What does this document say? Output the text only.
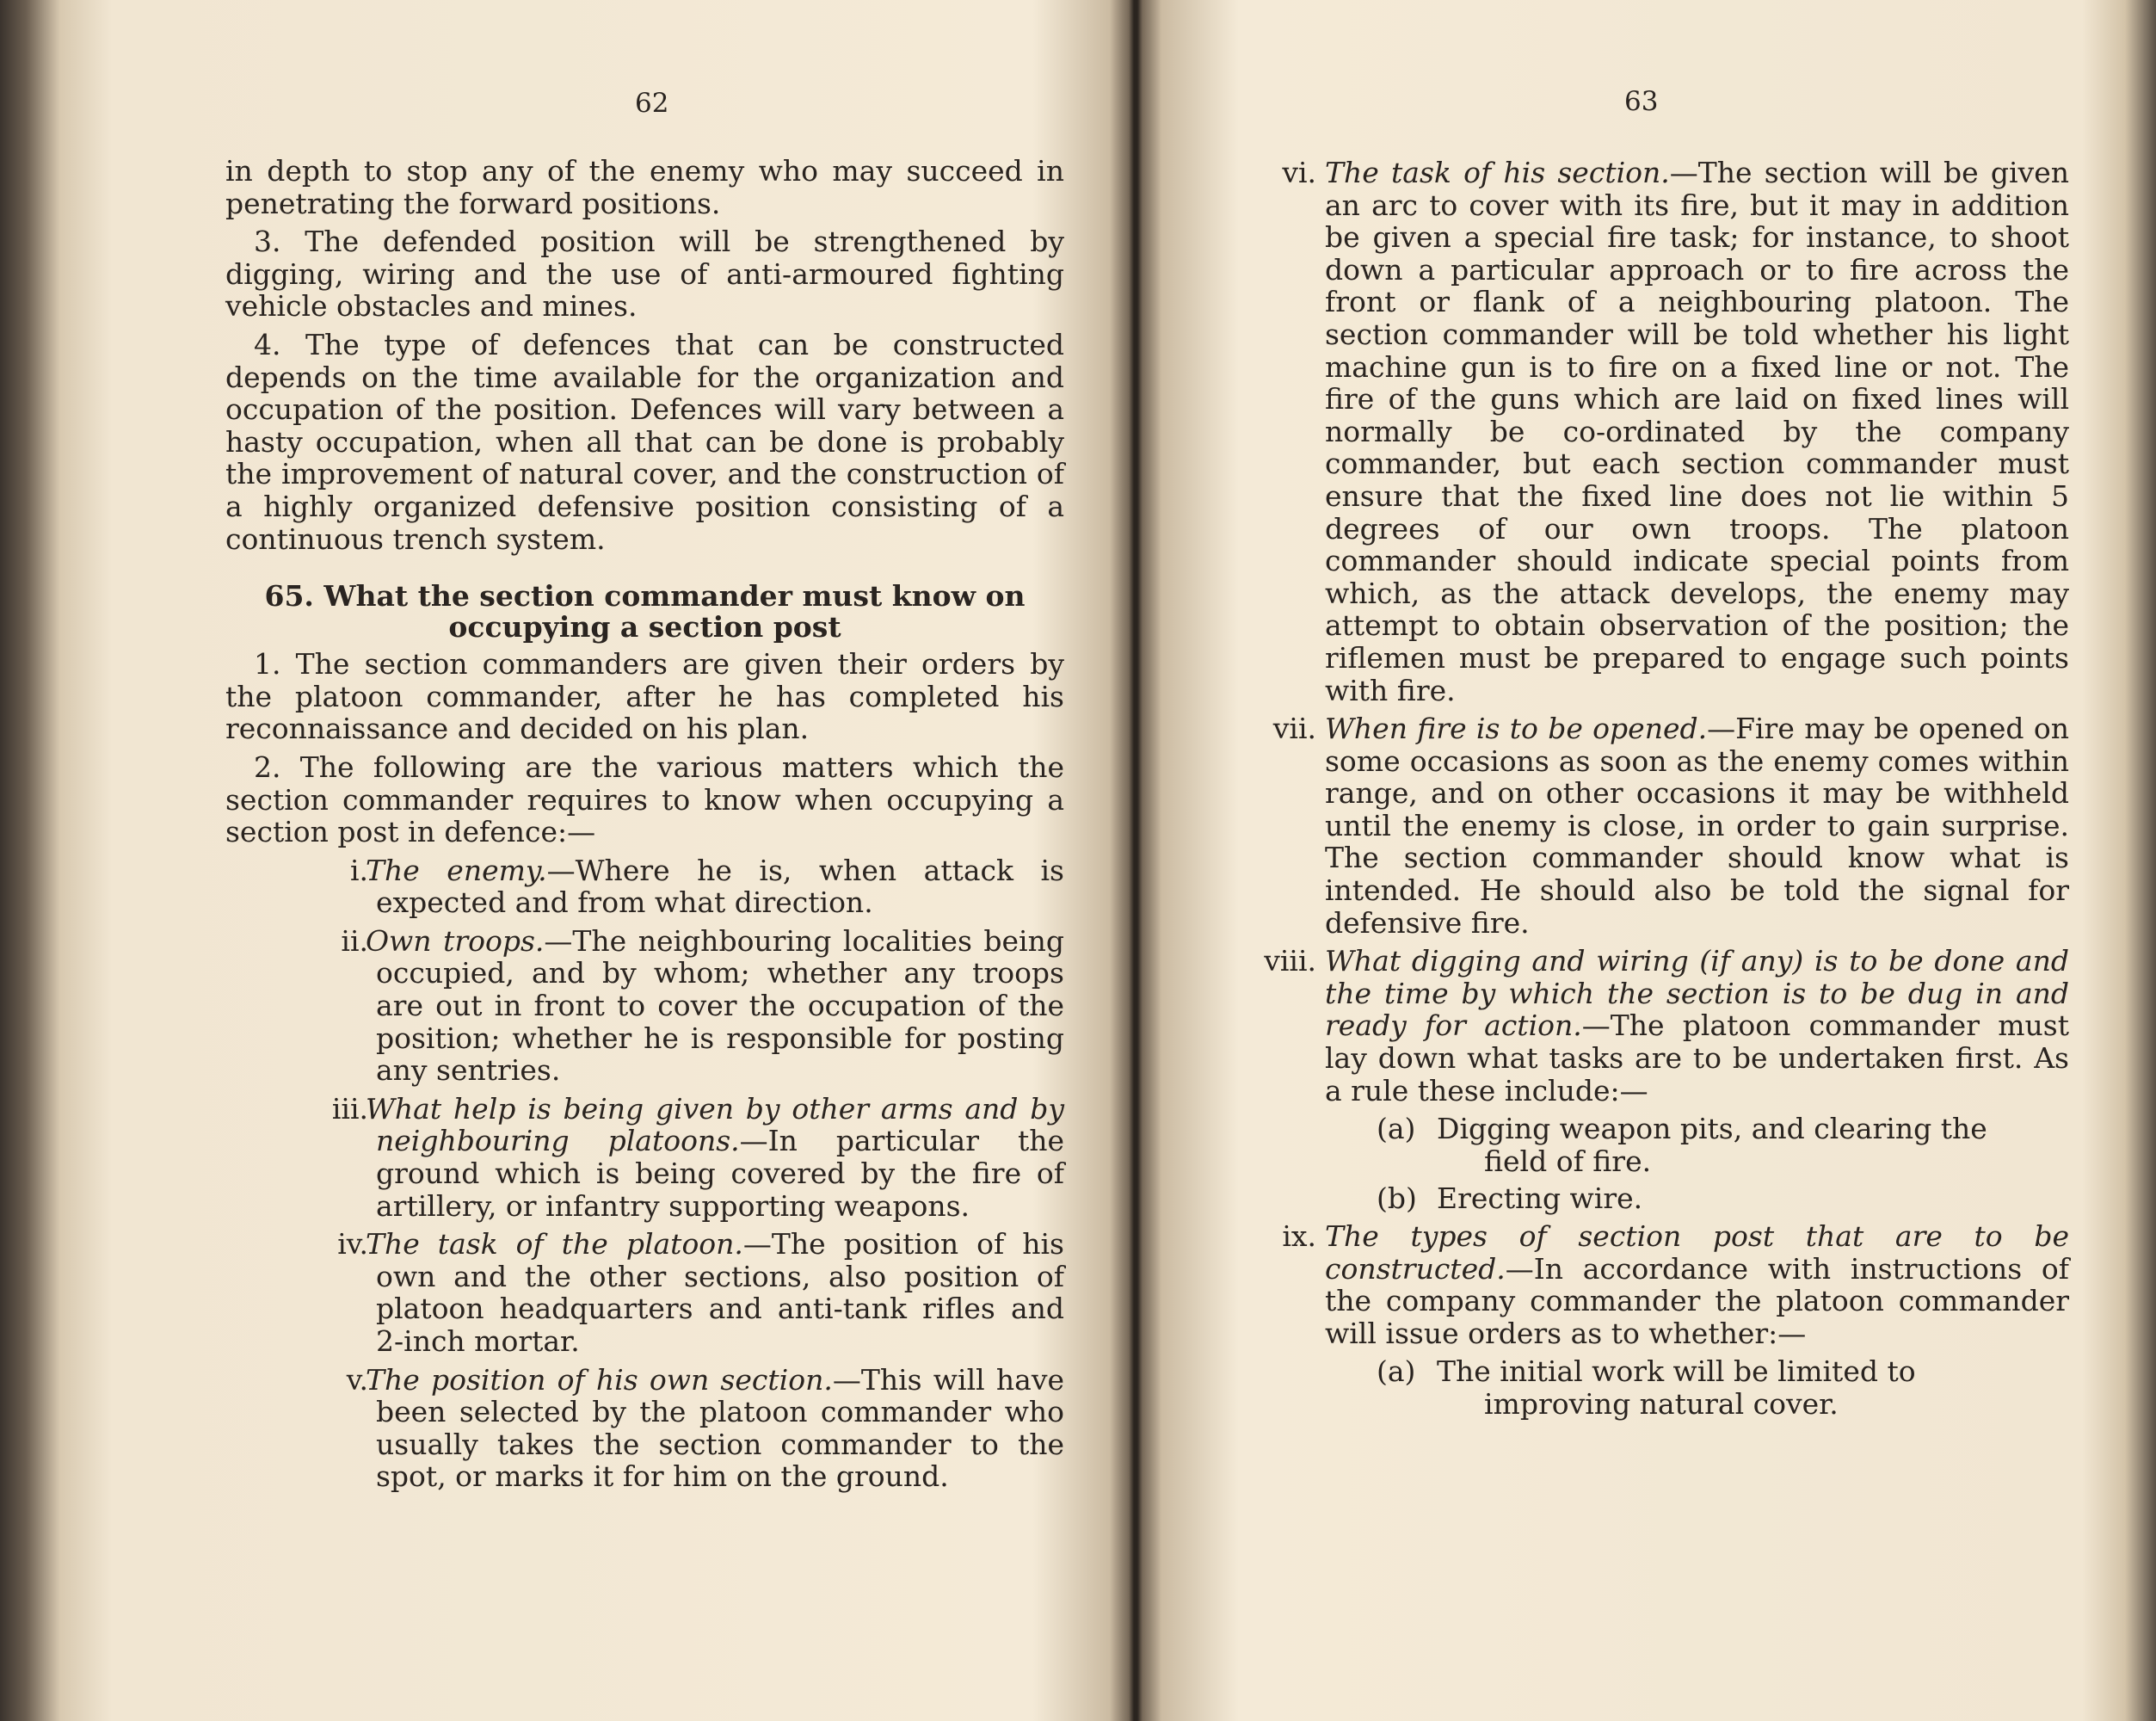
62

in depth to stop any of the enemy who may succeed in penetrating the forward positions.

3. The defended position will be strengthened by digging, wiring and the use of anti-armoured fighting vehicle obstacles and mines.

4. The type of defences that can be constructed depends on the time available for the organization and occupation of the position. Defences will vary between a hasty occupation, when all that can be done is probably the improvement of natural cover, and the construction of a highly organized defensive position consisting of a continuous trench system.

65. What the section commander must know on
occupying a section post

1. The section commanders are given their orders by the platoon commander, after he has completed his reconnaissance and decided on his plan.

2. The following are the various matters which the section commander requires to know when occupying a section post in defence:—

i.
The enemy.—Where he is, when attack is expected and from what direction.
ii.
Own troops.—The neighbouring localities being occupied, and by whom; whether any troops are out in front to cover the occupation of the position; whether he is responsible for posting any sentries.
iii.
What help is being given by other arms and by neighbouring platoons.—In particular the ground which is being covered by the fire of artillery, or infantry supporting weapons.
iv.
The task of the platoon.—The position of his own and the other sections, also position of platoon headquarters and anti-tank rifles and 2-inch mortar.
v.
The position of his own section.—This will have been selected by the platoon commander who usually takes the section commander to the spot, or marks it for him on the ground.
63
vi. The task of his section.—The section will be given an arc to cover with its fire, but it may in addition be given a special fire task; for instance, to shoot down a particular approach or to fire across the front or flank of a neighbouring platoon. The section commander will be told whether his light machine gun is to fire on a fixed line or not. The fire of the guns which are laid on fixed lines will normally be co-ordinated by the company commander, but each section commander must ensure that the fixed line does not lie within 5 degrees of our own troops. The platoon commander should indicate special points from which, as the attack develops, the enemy may attempt to obtain observation of the position; the riflemen must be prepared to engage such points with fire.
vii. When fire is to be opened.—Fire may be opened on some occasions as soon as the enemy comes within range, and on other occasions it may be withheld until the enemy is close, in order to gain surprise. The section commander should know what is intended. He should also be told the signal for defensive fire.
viii. What digging and wiring (if any) is to be done and the time by which the section is to be dug in and ready for action.—The platoon commander must lay down what tasks are to be undertaken first. As a rule these include:—
(a) Digging weapon pits, and clearing the
field of fire.
(b) Erecting wire.
ix. The types of section post that are to be constructed.—In accordance with instructions of the company commander the platoon commander will issue orders as to whether:—
(a) The initial work will be limited to
improving natural cover.
